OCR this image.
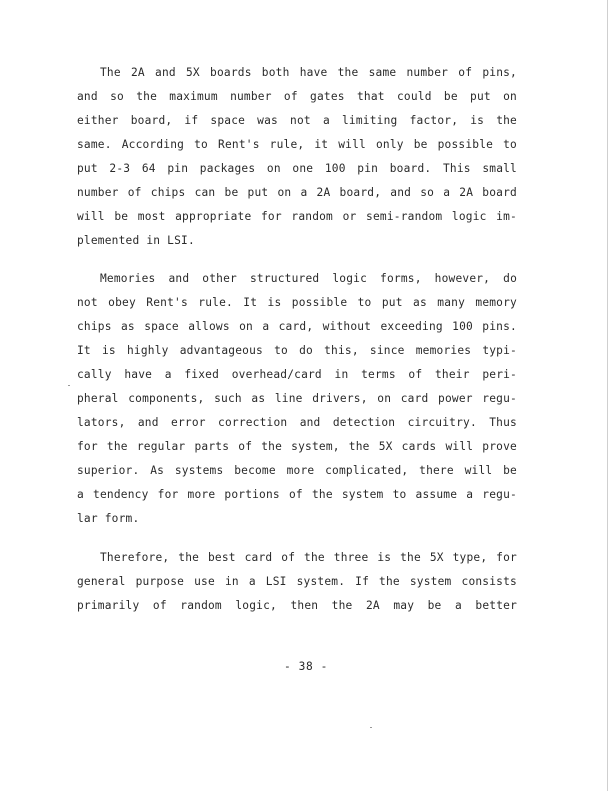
The 2A and 5X boards both have the same number of pins,
and so the maximum number of gates that could be put on
either board, if space was not a limiting factor, is the
same. According to Rent's rule, it will only be possible to
put 2-3 64 pin packages on one 100 pin board. This small
number of chips can be put on a 2A board, and so a 2A board
will be most appropriate for random or semi-random logic im-
plemented in LSI.
Memories and other structured logic forms, however, do
not obey Rent's rule. It is possible to put as many memory
chips as space allows on a card, without exceeding 100 pins.
It is highly advantageous to do this, since memories typi-
cally have a fixed overhead/card in terms of their peri-
pheral components, such as line drivers, on card power regu-
lators, and error correction and detection circuitry. Thus
for the regular parts of the system, the 5X cards will prove
superior. As systems become more complicated, there will be
a tendency for more portions of the system to assume a regu-
lar form.
Therefore, the best card of the three is the 5X type, for
general purpose use in a LSI system. If the system consists
primarily of random logic, then the 2A may be a better
- 38 -
